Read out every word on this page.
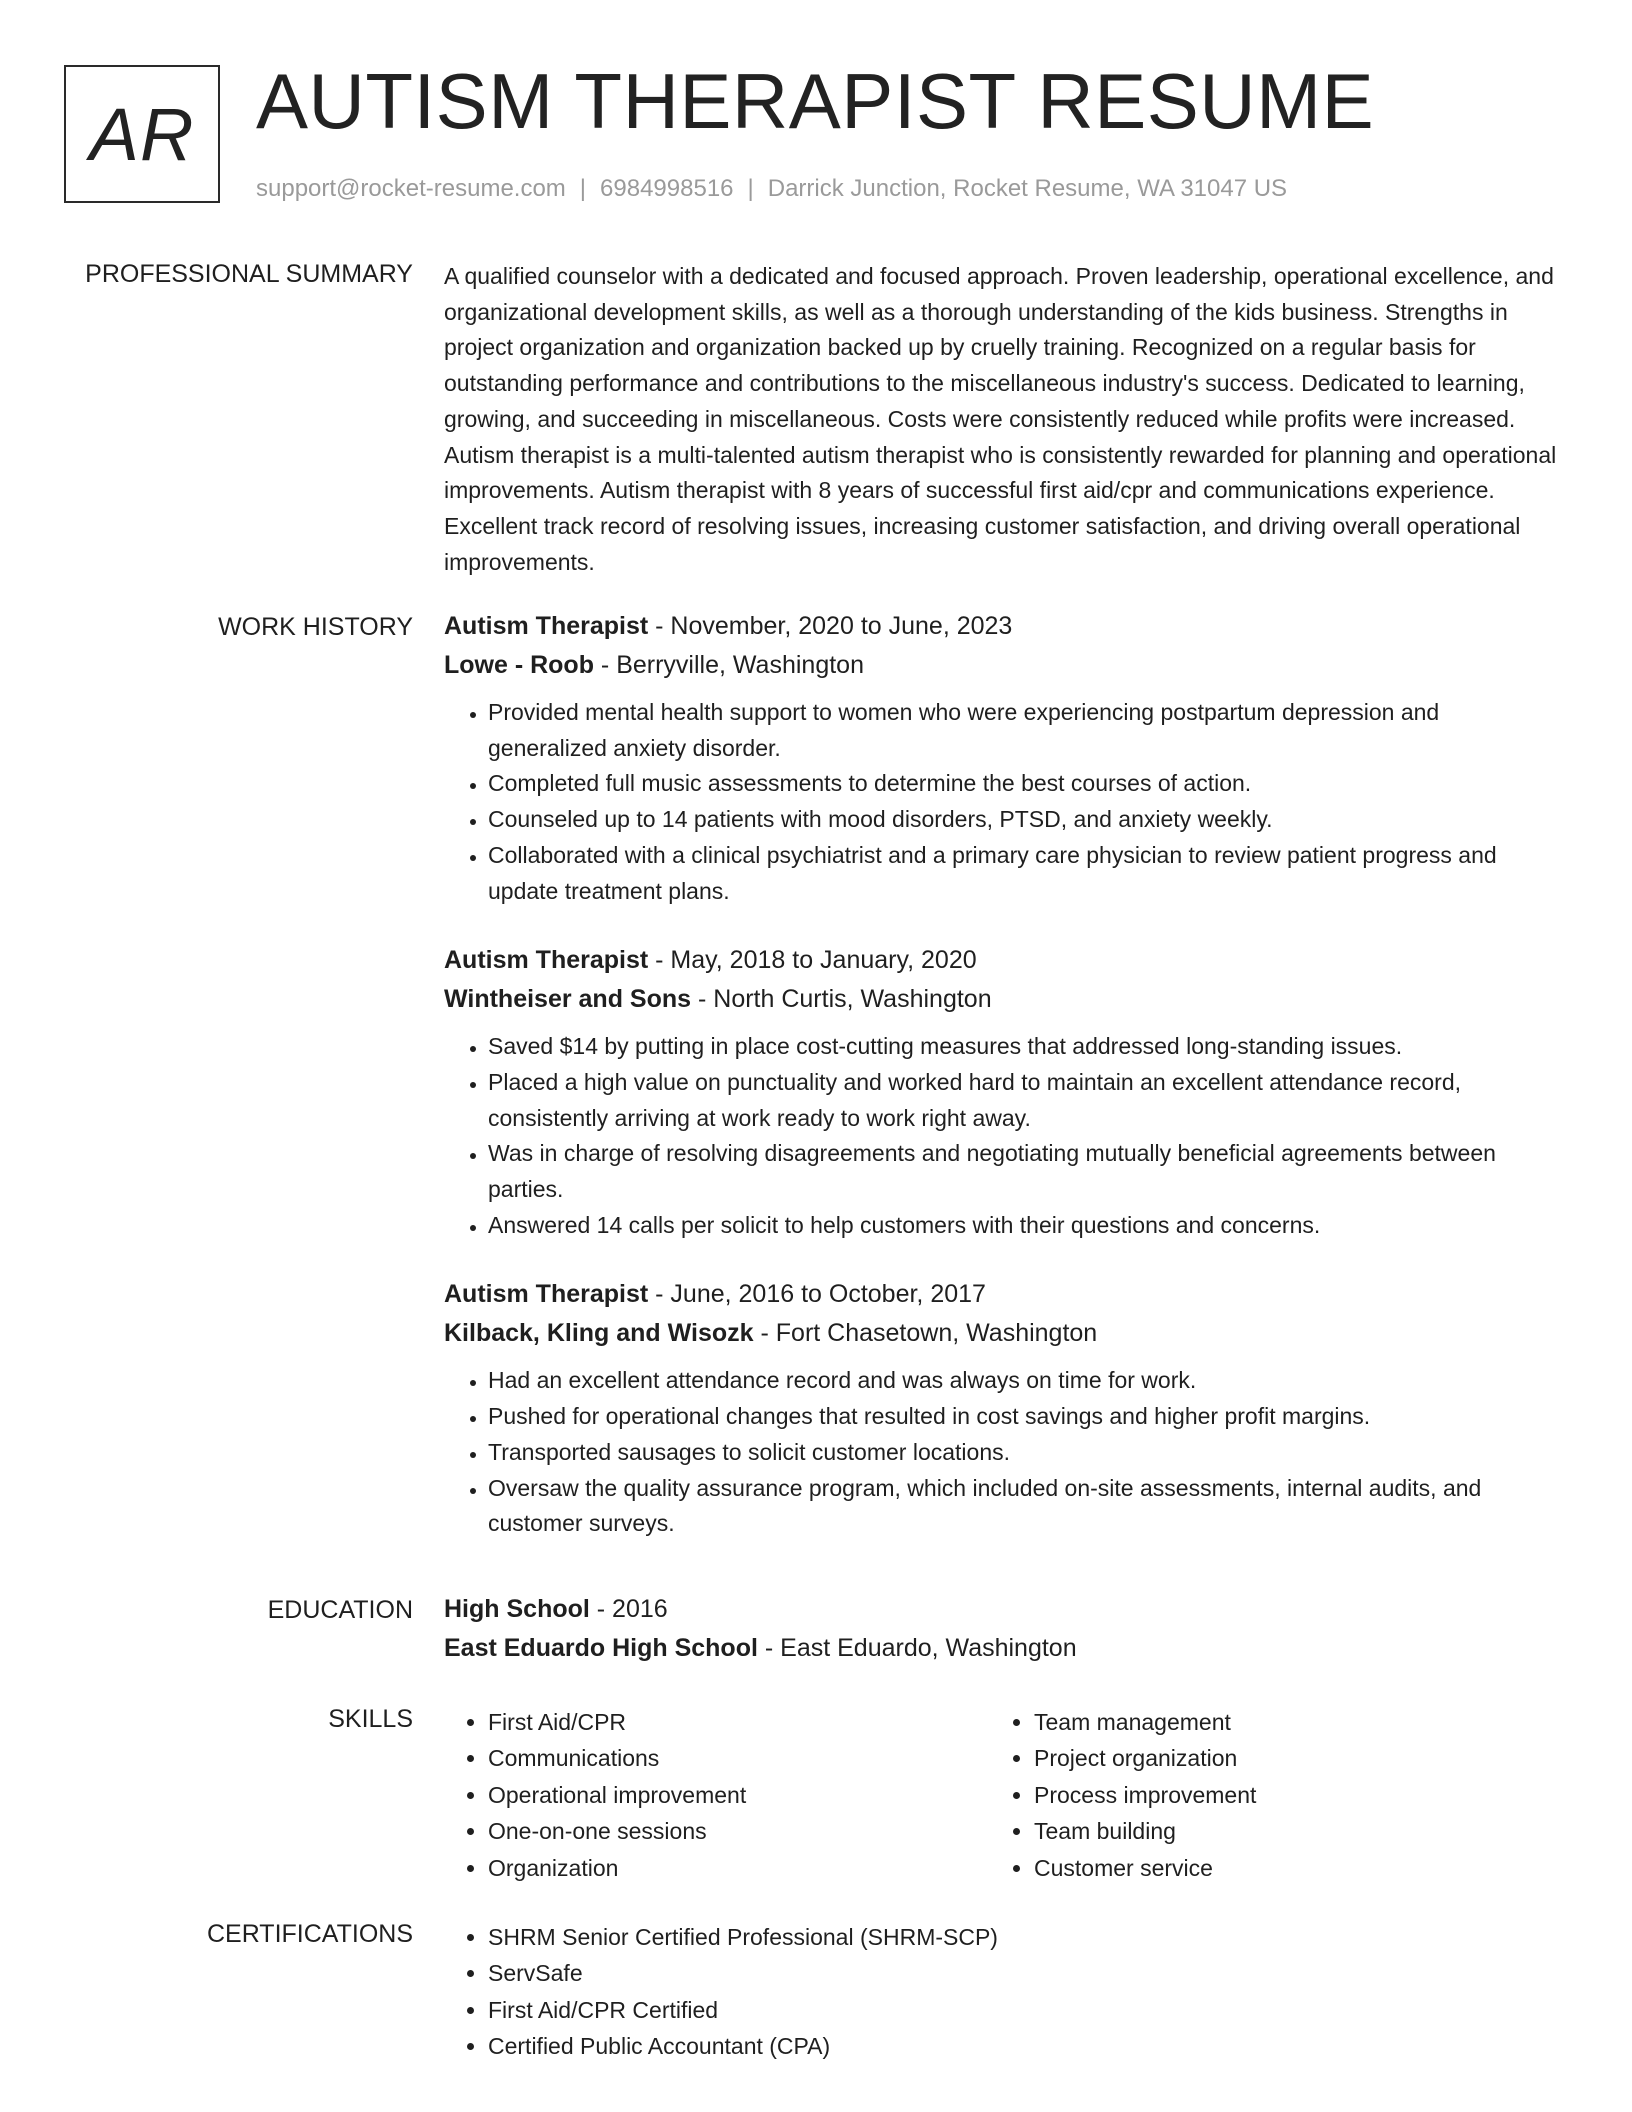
AR AUTISM THERAPIST RESUME
support@rocket-resume.com | 6984998516 | Darrick Junction, Rocket Resume, WA 31047 US
PROFESSIONAL SUMMARY A qualified counselor with a dedicated and focused approach. Proven leadership, operational excellence, and organizational development skills, as well as a thorough understanding of the kids business. Strengths in project organization and organization backed up by cruelly training. Recognized on a regular basis for outstanding performance and contributions to the miscellaneous industry's success. Dedicated to learning, growing, and succeeding in miscellaneous. Costs were consistently reduced while profits were increased. Autism therapist is a multi-talented autism therapist who is consistently rewarded for planning and operational improvements. Autism therapist with 8 years of successful first aid/cpr and communications experience. Excellent track record of resolving issues, increasing customer satisfaction, and driving overall operational improvements.

WORK HISTORY Autism Therapist - November, 2020 to June, 2023
Lowe - Roob - Berryville, Washington
• Provided mental health support to women who were experiencing postpartum depression and generalized anxiety disorder.
• Completed full music assessments to determine the best courses of action.
• Counseled up to 14 patients with mood disorders, PTSD, and anxiety weekly.
• Collaborated with a clinical psychiatrist and a primary care physician to review patient progress and update treatment plans.
Autism Therapist - May, 2018 to January, 2020
Wintheiser and Sons - North Curtis, Washington
• Saved $14 by putting in place cost-cutting measures that addressed long-standing issues.
• Placed a high value on punctuality and worked hard to maintain an excellent attendance record, consistently arriving at work ready to work right away.
• Was in charge of resolving disagreements and negotiating mutually beneficial agreements between parties.
• Answered 14 calls per solicit to help customers with their questions and concerns.
Autism Therapist - June, 2016 to October, 2017
Kilback, Kling and Wisozk - Fort Chasetown, Washington
• Had an excellent attendance record and was always on time for work.
• Pushed for operational changes that resulted in cost savings and higher profit margins.
• Transported sausages to solicit customer locations.
• Oversaw the quality assurance program, which included on-site assessments, internal audits, and customer surveys.
EDUCATION High School - 2016
East Eduardo High School - East Eduardo, Washington
SKILLS	• First Aid/CPR
• Communications
• Operational improvement
• One-on-one sessions
• Organization
• Team management
• Project organization
• Process improvement
• Team building
• Customer service
CERTIFICATIONS	• SHRM Senior Certified Professional (SHRM-SCP)
• ServSafe
• First Aid/CPR Certified
• Certified Public Accountant (CPA)
